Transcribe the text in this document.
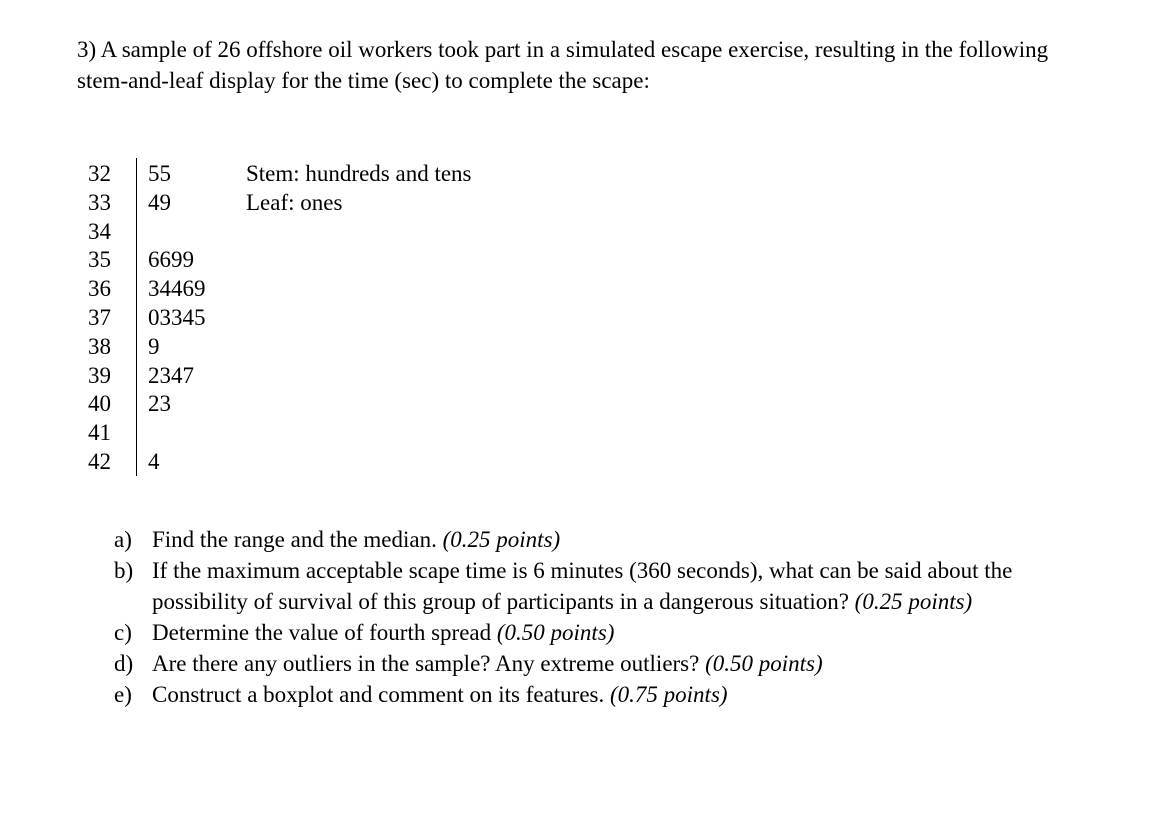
3) A sample of 26 offshore oil workers took part in a simulated escape exercise, resulting in the following stem-and-leaf display for the time (sec) to complete the scape:

32	55
33	49
34
35	6699
36	34469
37	03345
38	9
39	2347
40	23
41
42	4
Stem: hundreds and tens
Leaf: ones
a) Find the range and the median. (0.25 points)
b) If the maximum acceptable scape time is 6 minutes (360 seconds), what can be said about the possibility of survival of this group of participants in a dangerous situation? (0.25 points)
c) Determine the value of fourth spread (0.50 points)
d) Are there any outliers in the sample? Any extreme outliers? (0.50 points)
e) Construct a boxplot and comment on its features. (0.75 points)
